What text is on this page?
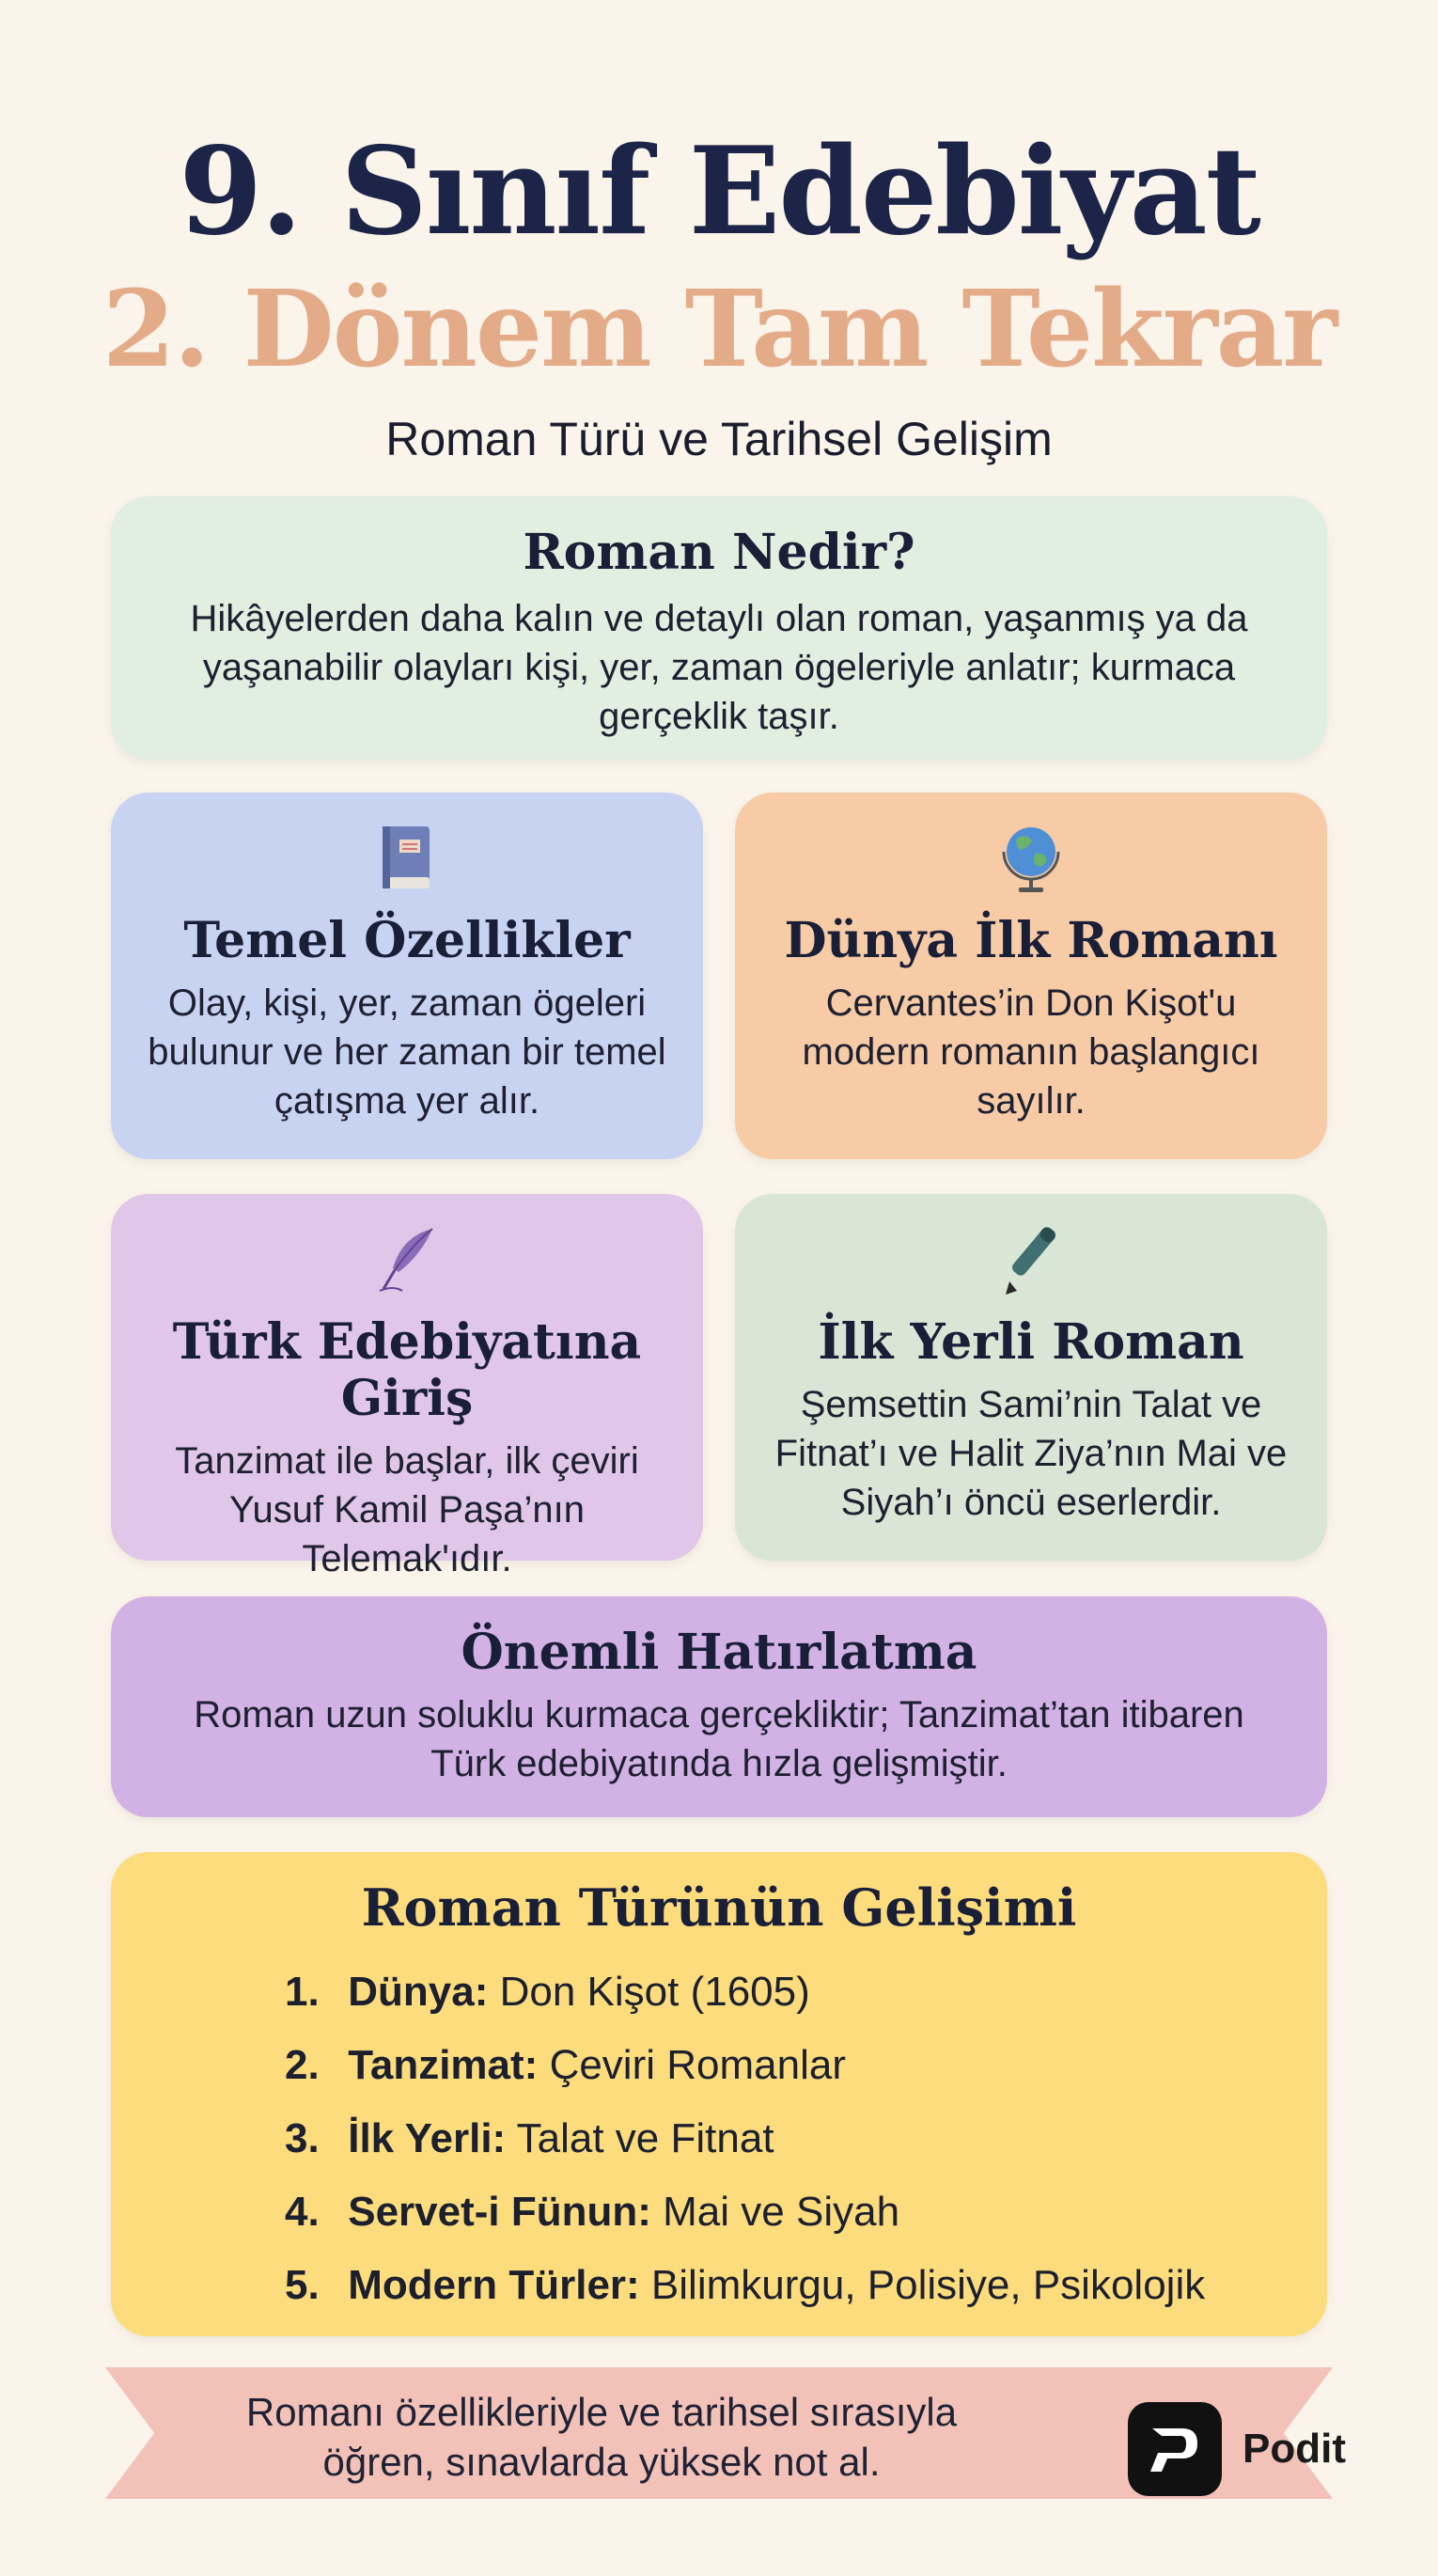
9. Sınıf Edebiyat
2. Dönem Tam Tekrar
Roman Türü ve Tarihsel Gelişim
Roman Nedir?

Hikâyelerden daha kalın ve detaylı olan roman, yaşanmış ya da yaşanabilir olayları kişi, yer, zaman ögeleriyle anlatır; kurmaca gerçeklik taşır.

Temel Özellikler

Olay, kişi, yer, zaman ögeleri bulunur ve her zaman bir temel çatışma yer alır.

Dünya İlk Romanı

Cervantes’in Don Kişot'u modern romanın başlangıcı sayılır.

Türk Edebiyatına Giriş

Tanzimat ile başlar, ilk çeviri Yusuf Kamil Paşa’nın Telemak'ıdır.

İlk Yerli Roman

Şemsettin Sami’nin Talat ve Fitnat’ı ve Halit Ziya’nın Mai ve Siyah’ı öncü eserlerdir.

Önemli Hatırlatma

Roman uzun soluklu kurmaca gerçekliktir; Tanzimat’tan itibaren Türk edebiyatında hızla gelişmiştir.

Roman Türünün Gelişimi
1. Dünya: Don Kişot (1605)
2. Tanzimat: Çeviri Romanlar
3. İlk Yerli: Talat ve Fitnat
4. Servet-i Fünun: Mai ve Siyah
5. Modern Türler: Bilimkurgu, Polisiye, Psikolojik
Romanı özellikleriyle ve tarihsel sırasıyla öğren, sınavlarda yüksek not al.	Podit
